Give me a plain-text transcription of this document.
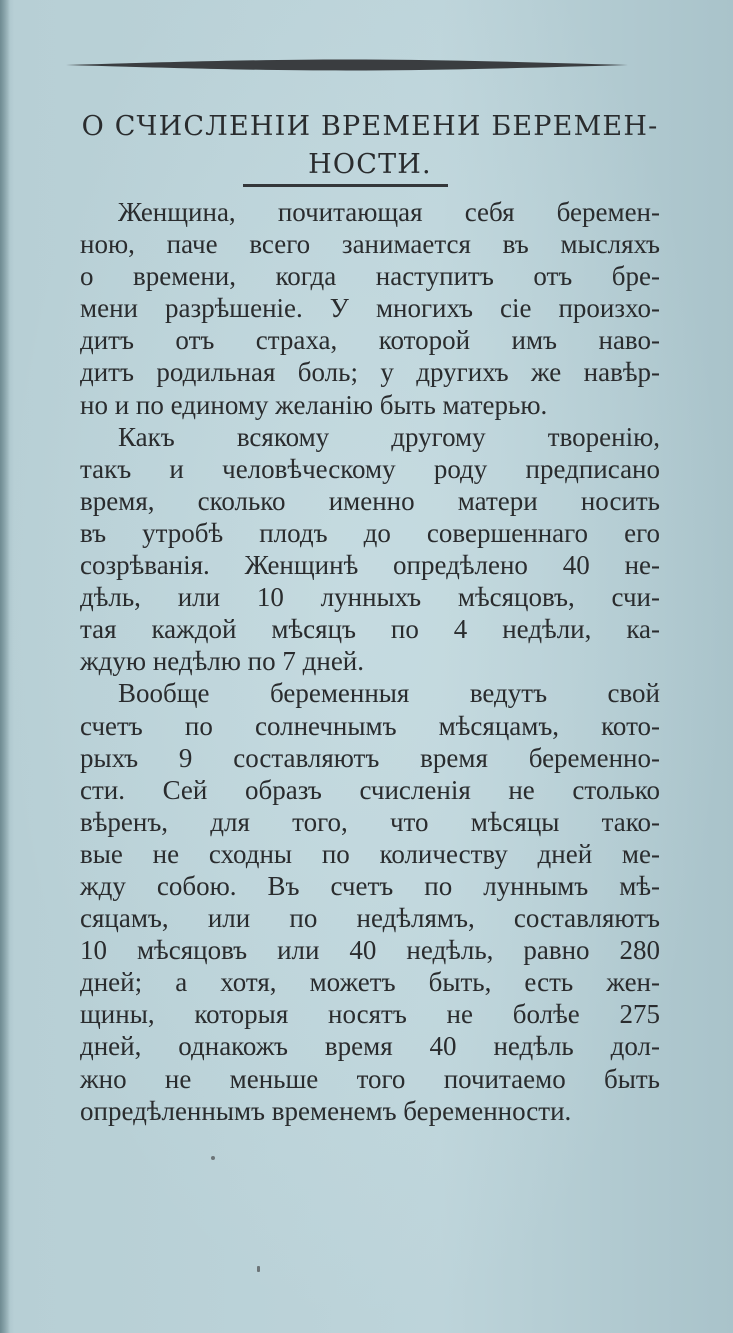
О СЧИСЛЕНІИ ВРЕМЕНИ БЕРЕМЕН-
НОСТИ.
Женщина, почитающая себя беремен-
ною, паче всего занимается въ мысляхъ
о времени, когда наступитъ отъ бре-
мени разрѣшеніе. У многихъ сіе произхо-
дитъ отъ страха, которой имъ наво-
дитъ родильная боль; у другихъ же навѣр-
но и по единому желанію быть матерью.
Какъ всякому другому творенію,
такъ и человѣческому роду предписано
время, сколько именно матери носить
въ утробѣ плодъ до совершеннаго его
созрѣванія. Женщинѣ опредѣлено 40 не-
дѣль, или 10 лунныхъ мѣсяцовъ, счи-
тая каждой мѣсяцъ по 4 недѣли, ка-
ждую недѣлю по 7 дней.
Вообще беременныя ведутъ свой
счетъ по солнечнымъ мѣсяцамъ, кото-
рыхъ 9 составляютъ время беременно-
сти. Сей образъ счисленія не столько
вѣренъ, для того, что мѣсяцы тако-
вые не сходны по количеству дней ме-
жду собою. Въ счетъ по луннымъ мѣ-
сяцамъ, или по недѣлямъ, составляютъ
10 мѣсяцовъ или 40 недѣль, равно 280
дней; а хотя, можетъ быть, есть жен-
щины, которыя носятъ не болѣе 275
дней, однакожъ время 40 недѣль дол-
жно не меньше того почитаемо быть
опредѣленнымъ временемъ беременности.
